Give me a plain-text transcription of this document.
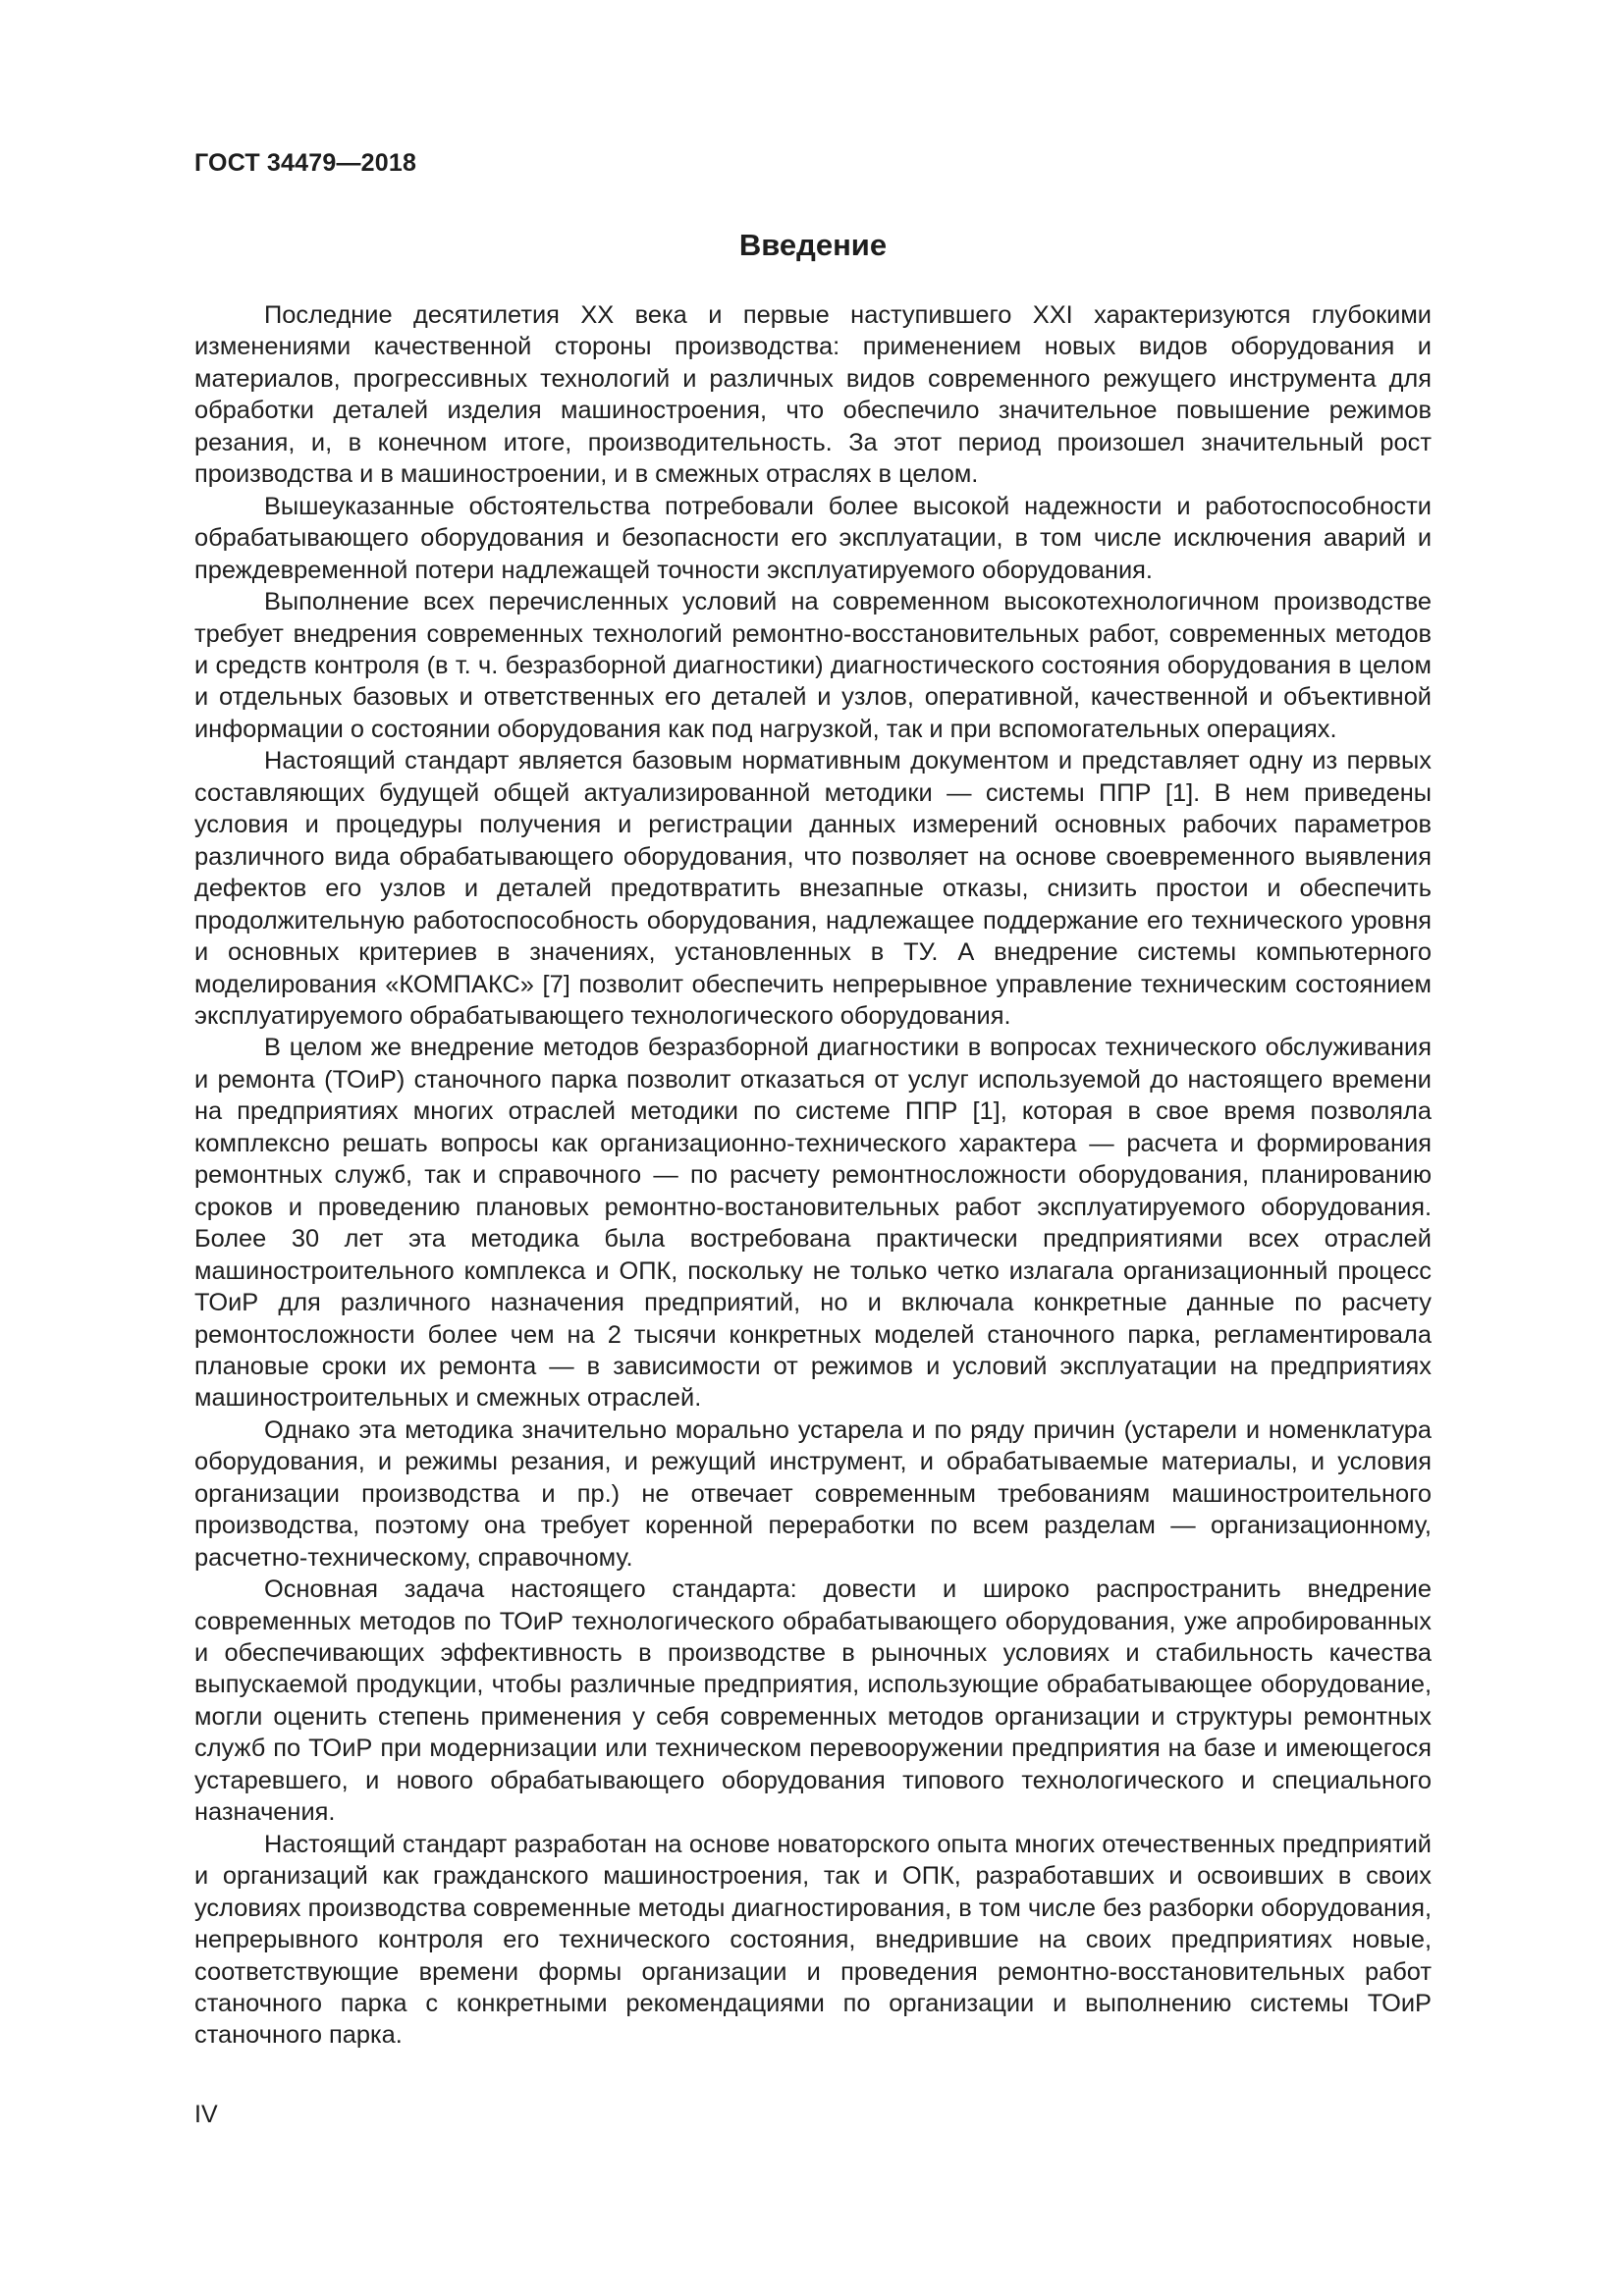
ГОСТ 34479—2018
Введение

Последние десятилетия XX века и первые наступившего XXI характеризуются глубокими изменениями качественной стороны производства: применением новых видов оборудования и материалов, прогрессивных технологий и различных видов современного режущего инструмента для обработки деталей изделия машиностроения, что обеспечило значительное повышение режимов резания, и, в конечном итоге, производительность. За этот период произошел значительный рост производства и в машиностроении, и в смежных отраслях в целом.

Вышеуказанные обстоятельства потребовали более высокой надежности и работоспособности обрабатывающего оборудования и безопасности его эксплуатации, в том числе исключения аварий и преждевременной потери надлежащей точности эксплуатируемого оборудования.

Выполнение всех перечисленных условий на современном высокотехнологичном производстве требует внедрения современных технологий ремонтно-восстановительных работ, современных методов и средств контроля (в т. ч. безразборной диагностики) диагностического состояния оборудования в целом и отдельных базовых и ответственных его деталей и узлов, оперативной, качественной и объективной информации о состоянии оборудования как под нагрузкой, так и при вспомогательных операциях.

Настоящий стандарт является базовым нормативным документом и представляет одну из первых составляющих будущей общей актуализированной методики — системы ППР [1]. В нем приведены условия и процедуры получения и регистрации данных измерений основных рабочих параметров различного вида обрабатывающего оборудования, что позволяет на основе своевременного выявления дефектов его узлов и деталей предотвратить внезапные отказы, снизить простои и обеспечить продолжительную работоспособность оборудования, надлежащее поддержание его технического уровня и основных критериев в значениях, установленных в ТУ. А внедрение системы компьютерного моделирования «КОМПАКС» [7] позволит обеспечить непрерывное управление техническим состоянием эксплуатируемого обрабатывающего технологического оборудования.

В целом же внедрение методов безразборной диагностики в вопросах технического обслуживания и ремонта (ТОиР) станочного парка позволит отказаться от услуг используемой до настоящего времени на предприятиях многих отраслей методики по системе ППР [1], которая в свое время позволяла комплексно решать вопросы как организационно-технического характера — расчета и формирования ремонтных служб, так и справочного — по расчету ремонтносложности оборудования, планированию сроков и проведению плановых ремонтно-востановительных работ эксплуатируемого оборудования. Более 30 лет эта методика была востребована практически предприятиями всех отраслей машиностроительного комплекса и ОПК, поскольку не только четко излагала организационный процесс ТОиР для различного назначения предприятий, но и включала конкретные данные по расчету ремонтосложности более чем на 2 тысячи конкретных моделей станочного парка, регламентировала плановые сроки их ремонта — в зависимости от режимов и условий эксплуатации на предприятиях машиностроительных и смежных отраслей.

Однако эта методика значительно морально устарела и по ряду причин (устарели и номенклатура оборудования, и режимы резания, и режущий инструмент, и обрабатываемые материалы, и условия организации производства и пр.) не отвечает современным требованиям машиностроительного производства, поэтому она требует коренной переработки по всем разделам — организационному, расчетно-техническому, справочному.

Основная задача настоящего стандарта: довести и широко распространить внедрение современных методов по ТОиР технологического обрабатывающего оборудования, уже апробированных и обеспечивающих эффективность в производстве в рыночных условиях и стабильность качества выпускаемой продукции, чтобы различные предприятия, использующие обрабатывающее оборудование, могли оценить степень применения у себя современных методов организации и структуры ремонтных служб по ТОиР при модернизации или техническом перевооружении предприятия на базе и имеющегося устаревшего, и нового обрабатывающего оборудования типового технологического и специального назначения.

Настоящий стандарт разработан на основе новаторского опыта многих отечественных предприятий и организаций как гражданского машиностроения, так и ОПК, разработавших и освоивших в своих условиях производства современные методы диагностирования, в том числе без разборки оборудования, непрерывного контроля его технического состояния, внедрившие на своих предприятиях новые, соответствующие времени формы организации и проведения ремонтно-восстановительных работ станочного парка с конкретными рекомендациями по организации и выполнению системы ТОиР станочного парка.

IV
